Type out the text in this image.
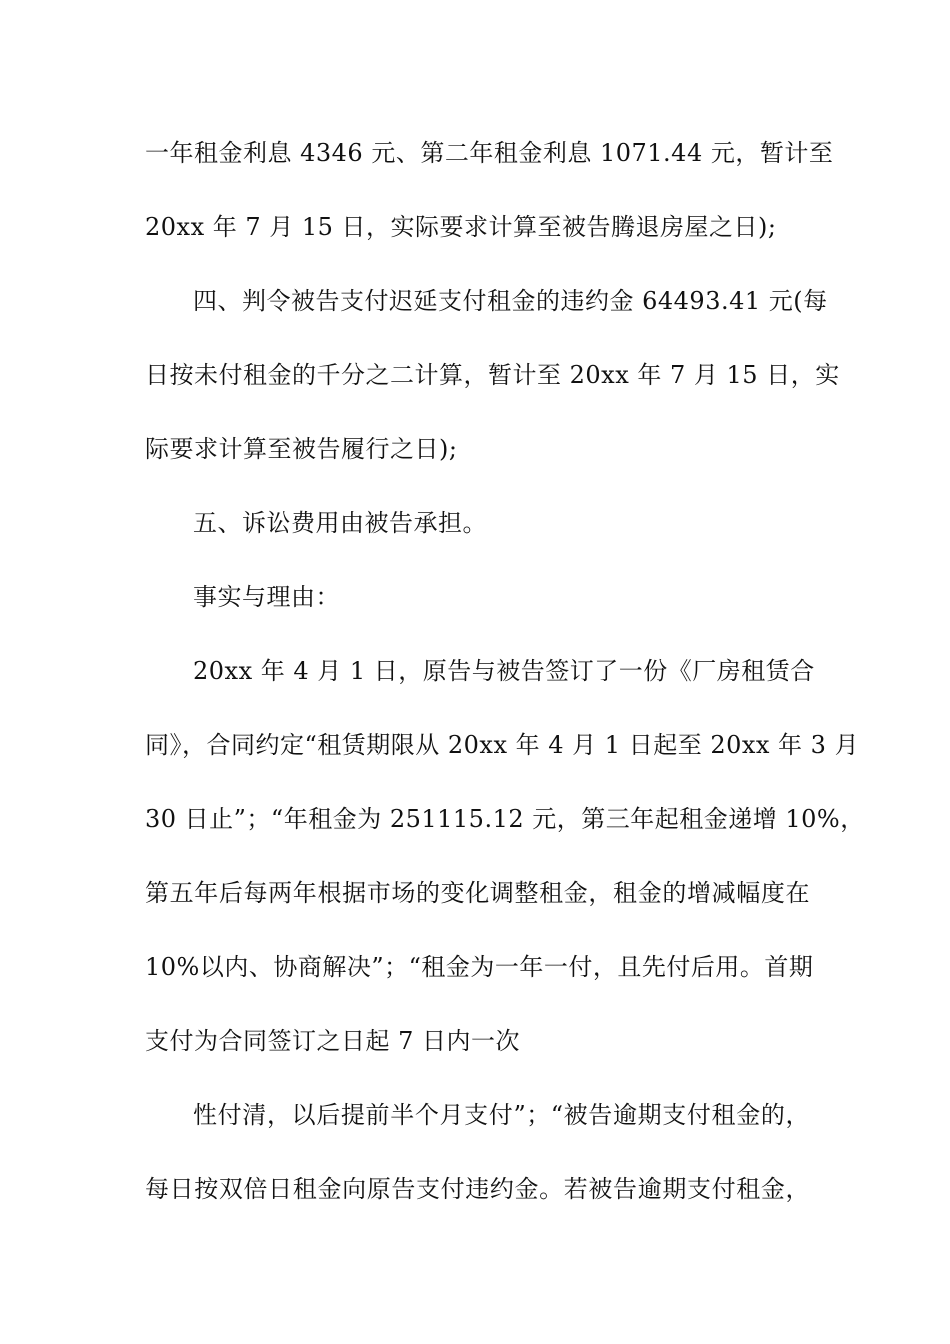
一年租金利息 4346 元、第二年租金利息 1071.44 元，暂计至
20xx 年 7 月 15 日，实际要求计算至被告腾退房屋之日);
四、判令被告支付迟延支付租金的违约金 64493.41 元(每
日按未付租金的千分之二计算，暂计至 20xx 年 7 月 15 日，实
际要求计算至被告履行之日);
五、诉讼费用由被告承担。
事实与理由：
20xx 年 4 月 1 日，原告与被告签订了一份《厂房租赁合
同》，合同约定“租赁期限从 20xx 年 4 月 1 日起至 20xx 年 3 月
30 日止”；“年租金为 251115.12 元，第三年起租金递增 10%，
第五年后每两年根据市场的变化调整租金，租金的增减幅度在
10%以内、协商解决”；“租金为一年一付，且先付后用。首期
支付为合同签订之日起 7 日内一次
性付清，以后提前半个月支付”；“被告逾期支付租金的，
每日按双倍日租金向原告支付违约金。若被告逾期支付租金，
